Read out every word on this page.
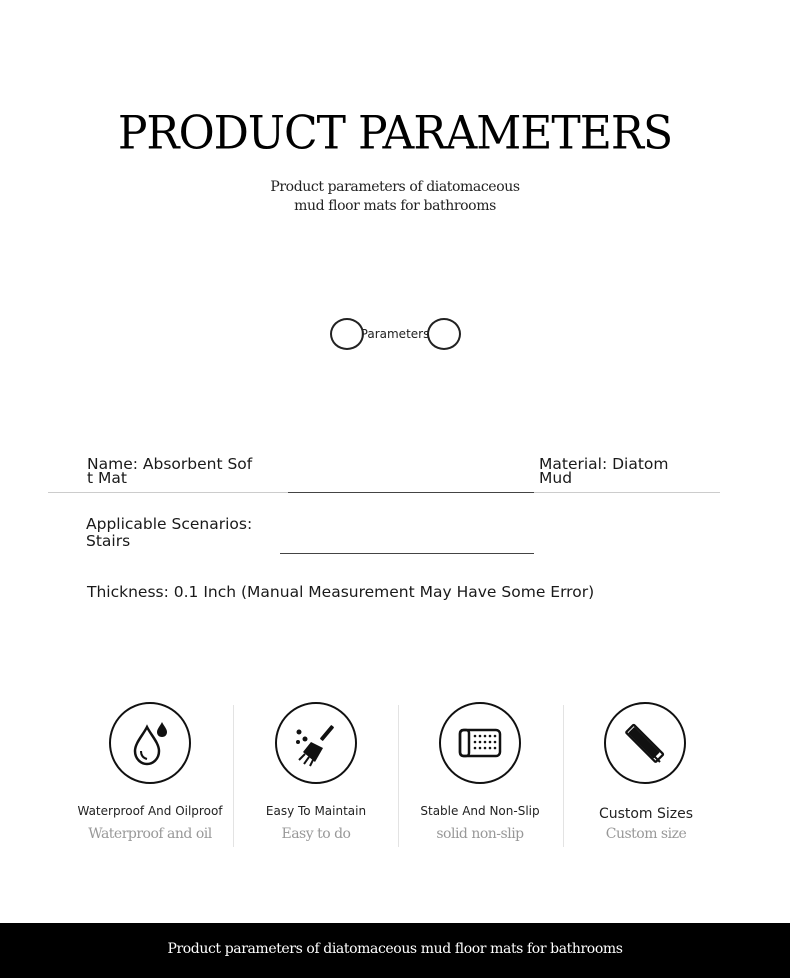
PRODUCT PARAMETERS
Product parameters of diatomaceous
mud floor mats for bathrooms
Parameters
Name: Absorbent Sof
t Mat
Material: Diatom
Mud
Applicable Scenarios:
Stairs
Thickness: 0.1 Inch (Manual Measurement May Have Some Error)
Waterproof And Oilproof
Waterproof and oil
Easy To Maintain
Easy to do
Stable And Non-Slip
solid non-slip
Custom Sizes
Custom size
Product parameters of diatomaceous mud floor mats for bathrooms
